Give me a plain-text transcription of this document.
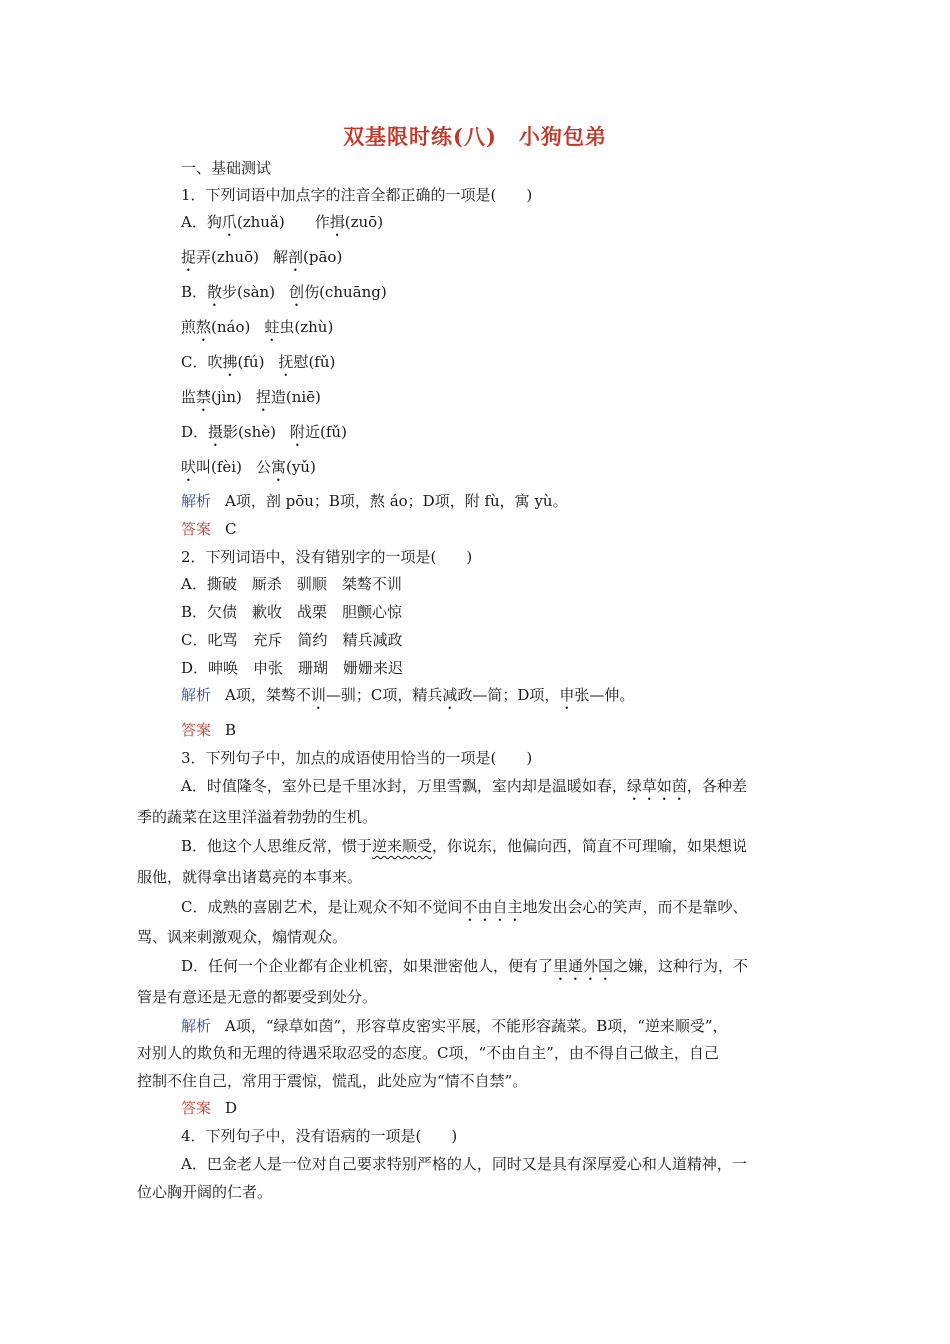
双基限时练(八)　小狗包弟
一、基础测试
1．下列词语中加点字的注音全都正确的一项是(　　)
A．狗爪(zhuǎ) 作揖(zuō)
捉弄(zhuō) 解剖(pāo)
B．散步(sàn) 创伤(chuāng)
煎熬(náo) 蛀虫(zhù)
C．吹拂(fú) 抚慰(fǔ)
监禁(jìn) 捏造(niē)
D．摄影(shè) 附近(fǔ)
吠叫(fèi) 公寓(yǔ)
解析 A项，剖 pōu；B项，熬 áo；D项，附 fù，寓 yù。
答案 C
2．下列词语中，没有错别字的一项是(　　)
A．撕破　厮杀　驯顺　桀骜不训
B．欠债　歉收　战栗　胆颤心惊
C．叱骂　充斥　简约　精兵减政
D．呻唤　申张　珊瑚　姗姗来迟
解析 A项，桀骜不训—驯；C项，精兵减政—简；D项，申张—伸。
答案 B
3．下列句子中，加点的成语使用恰当的一项是(　　)
A．时值隆冬，室外已是千里冰封，万里雪飘，室内却是温暖如春，绿草如茵，各种差
季的蔬菜在这里洋溢着勃勃的生机。
B．他这个人思维反常，惯于逆来顺受，你说东，他偏向西，简直不可理喻，如果想说
服他，就得拿出诸葛亮的本事来。
C．成熟的喜剧艺术，是让观众不知不觉间不由自主地发出会心的笑声，而不是靠吵、
骂、讽来刺激观众，煽情观众。
D．任何一个企业都有企业机密，如果泄密他人，便有了里通外国之嫌，这种行为，不
管是有意还是无意的都要受到处分。
解析 A项，“绿草如茵”，形容草皮密实平展，不能形容蔬菜。B项，“逆来顺受”，
对别人的欺负和无理的待遇采取忍受的态度。C项，“不由自主”，由不得自己做主，自己
控制不住自己，常用于震惊，慌乱，此处应为“情不自禁”。
答案 D
4．下列句子中，没有语病的一项是(　　)
A．巴金老人是一位对自己要求特别严格的人，同时又是具有深厚爱心和人道精神，一
位心胸开阔的仁者。
